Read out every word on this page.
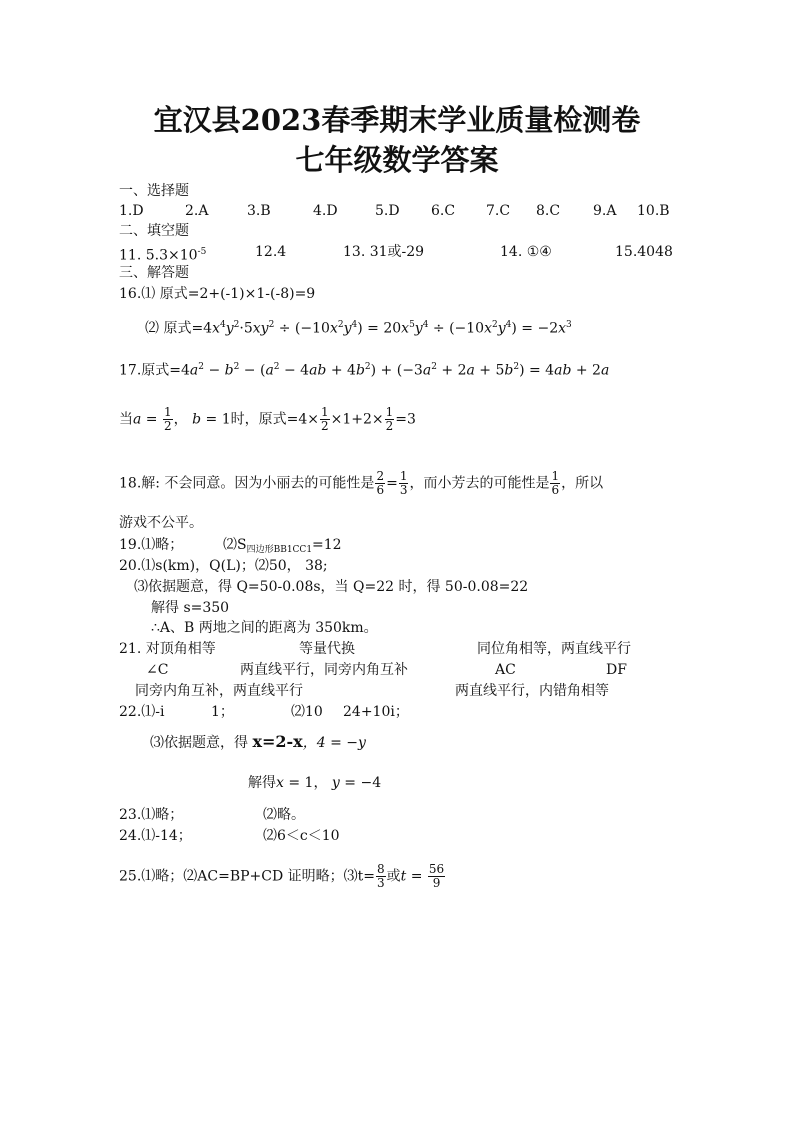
宜汉县2023春季期末学业质量检测卷
七年级数学答案
一、选择题
1.D	2.A	3.B	4.D	5.D 6.C 7.C 8.C 9.A 10.B
二、填空题
11. $5.3\times 10^{-5}$	12.4	13. 31或-29	14. ①④	15.4048
三、解答题
16.⑴ 原式=2+(-1)×1-(-8)=9
⑵ 原式$=4x^4y^2\cdot 5xy^2 \div (-10x^2y^4) = 20x^5y^4 \div (-10x^2y^4) = -2x^3$
17.原式$=4a^2 - b^2 - (a^2 - 4ab + 4b^2) + (-3a^2 + 2a + 5b^2) = 4ab + 2a$
当$a = \frac{1}{2}$ ， b = 1时，原式$=4\times \frac{1}{2} \times 1+2\times \frac{1}{2} =3$
18.解: 不会同意。因为小丽去的可能性是 $\frac{2}{6} = \frac{1}{3}$ ，而小芳去的可能性是 $\frac{1}{6}$ ，所以
游戏不公平。
19.⑴略；	$⑵S_{四边形BB1CC1}=12$
20.⑴s(km)，Q(L)；⑵50， 38;
⑶依据题意，得 Q=50-0.08s，当 Q=22 时，得 50-0.08=22
解得 s=350
∴A、B 两地之间的距离为 350km。
21. 对顶角相等	等量代换	同位角相等，两直线平行
∠C	两直线平行，同旁内角互补	AC	DF
同旁内角互补，两直线平行	两直线平行，内错角相等
22.⑴-i	1；	⑵10 24+10i；
⑶依据题意，得 x=2-x，4 = −y
解得x = 1， y = −4
23.⑴略；	⑵略。
24.⑴-14；	⑵6＜c＜10
25.⑴略；⑵AC=BP+CD 证明略；⑶t= $\frac{8}{3}$ 或$t = \frac{56}{9}$
